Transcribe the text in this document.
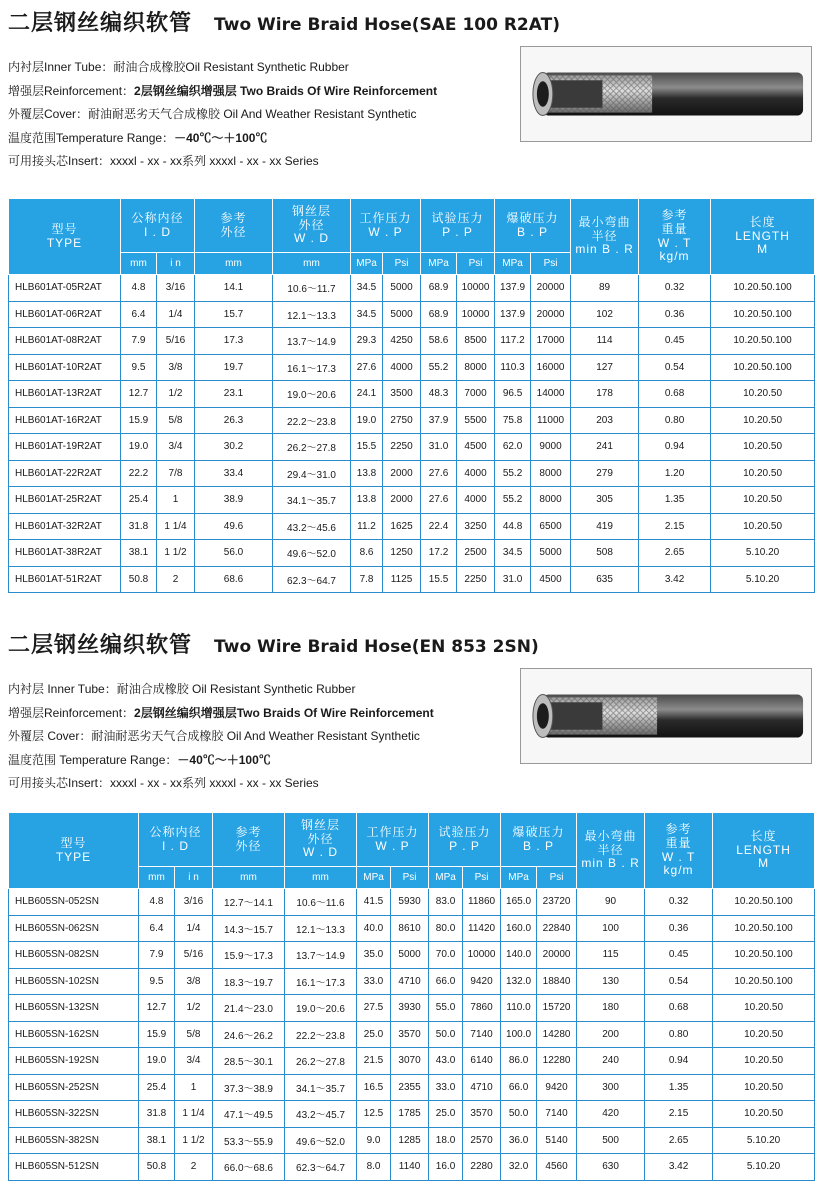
二层钢丝编织软管 Two Wire Braid Hose(SAE 100 R2AT)
内衬层Inner Tube：耐油合成橡胶Oil Resistant Synthetic Rubber
增强层Reinforcement：2层钢丝编织增强层 Two Braids Of Wire Reinforcement
外覆层Cover：耐油耐恶劣天气合成橡胶 Oil And Weather Resistant Synthetic
温度范围Temperature Range：－40℃～＋100℃
可用接头芯Insert：xxxxl - xx - xx系列 xxxxl - xx - xx Series
型号
TYPE	公称内径
I . D		参考
外径	钢丝层
外径
W . D	工作压力
W . P		试验压力
P . P		爆破压力
B . P		最小弯曲
半径
min B . R	参考
重量
W . T
kg/m	长度
LENGTH
M
	mm	i n	mm	mm	MPa	Psi	MPa	Psi	MPa	Psi			
HLB601AT-05R2AT	4.8	3/16	14.1	10.6～11.7	34.5	5000	68.9	10000	137.9	20000	89	0.32	10.20.50.100
HLB601AT-06R2AT	6.4	1/4	15.7	12.1～13.3	34.5	5000	68.9	10000	137.9	20000	102	0.36	10.20.50.100
HLB601AT-08R2AT	7.9	5/16	17.3	13.7～14.9	29.3	4250	58.6	8500	117.2	17000	114	0.45	10.20.50.100
HLB601AT-10R2AT	9.5	3/8	19.7	16.1～17.3	27.6	4000	55.2	8000	110.3	16000	127	0.54	10.20.50.100
HLB601AT-13R2AT	12.7	1/2	23.1	19.0～20.6	24.1	3500	48.3	7000	96.5	14000	178	0.68	10.20.50
HLB601AT-16R2AT	15.9	5/8	26.3	22.2～23.8	19.0	2750	37.9	5500	75.8	11000	203	0.80	10.20.50
HLB601AT-19R2AT	19.0	3/4	30.2	26.2～27.8	15.5	2250	31.0	4500	62.0	9000	241	0.94	10.20.50
HLB601AT-22R2AT	22.2	7/8	33.4	29.4～31.0	13.8	2000	27.6	4000	55.2	8000	279	1.20	10.20.50
HLB601AT-25R2AT	25.4	1	38.9	34.1～35.7	13.8	2000	27.6	4000	55.2	8000	305	1.35	10.20.50
HLB601AT-32R2AT	31.8	1 1/4	49.6	43.2～45.6	11.2	1625	22.4	3250	44.8	6500	419	2.15	10.20.50
HLB601AT-38R2AT	38.1	1 1/2	56.0	49.6～52.0	8.6	1250	17.2	2500	34.5	5000	508	2.65	5.10.20
HLB601AT-51R2AT	50.8	2	68.6	62.3～64.7	7.8	1125	15.5	2250	31.0	4500	635	3.42	5.10.20
二层钢丝编织软管 Two Wire Braid Hose(EN 853 2SN)
内衬层 Inner Tube：耐油合成橡胶 Oil Resistant Synthetic Rubber
增强层Reinforcement：2层钢丝编织增强层Two Braids Of Wire Reinforcement
外覆层 Cover：耐油耐恶劣天气合成橡胶 Oil And Weather Resistant Synthetic
温度范围 Temperature Range：－40℃～＋100℃
可用接头芯Insert：xxxxl - xx - xx系列 xxxxl - xx - xx Series
型号
TYPE	公称内径
I . D		参考
外径	钢丝层
外径
W . D	工作压力
W . P		试验压力
P . P		爆破压力
B . P		最小弯曲
半径
min B . R	参考
重量
W . T
kg/m	长度
LENGTH
M
	mm	i n	mm	mm	MPa	Psi	MPa	Psi	MPa	Psi			
HLB605SN-052SN	4.8	3/16	12.7～14.1	10.6～11.6	41.5	5930	83.0	11860	165.0	23720	90	0.32	10.20.50.100
HLB605SN-062SN	6.4	1/4	14.3～15.7	12.1～13.3	40.0	8610	80.0	11420	160.0	22840	100	0.36	10.20.50.100
HLB605SN-082SN	7.9	5/16	15.9～17.3	13.7～14.9	35.0	5000	70.0	10000	140.0	20000	115	0.45	10.20.50.100
HLB605SN-102SN	9.5	3/8	18.3～19.7	16.1～17.3	33.0	4710	66.0	9420	132.0	18840	130	0.54	10.20.50.100
HLB605SN-132SN	12.7	1/2	21.4～23.0	19.0～20.6	27.5	3930	55.0	7860	110.0	15720	180	0.68	10.20.50
HLB605SN-162SN	15.9	5/8	24.6～26.2	22.2～23.8	25.0	3570	50.0	7140	100.0	14280	200	0.80	10.20.50
HLB605SN-192SN	19.0	3/4	28.5～30.1	26.2～27.8	21.5	3070	43.0	6140	86.0	12280	240	0.94	10.20.50
HLB605SN-252SN	25.4	1	37.3～38.9	34.1～35.7	16.5	2355	33.0	4710	66.0	9420	300	1.35	10.20.50
HLB605SN-322SN	31.8	1 1/4	47.1～49.5	43.2～45.7	12.5	1785	25.0	3570	50.0	7140	420	2.15	10.20.50
HLB605SN-382SN	38.1	1 1/2	53.3～55.9	49.6～52.0	9.0	1285	18.0	2570	36.0	5140	500	2.65	5.10.20
HLB605SN-512SN	50.8	2	66.0～68.6	62.3～64.7	8.0	1140	16.0	2280	32.0	4560	630	3.42	5.10.20
